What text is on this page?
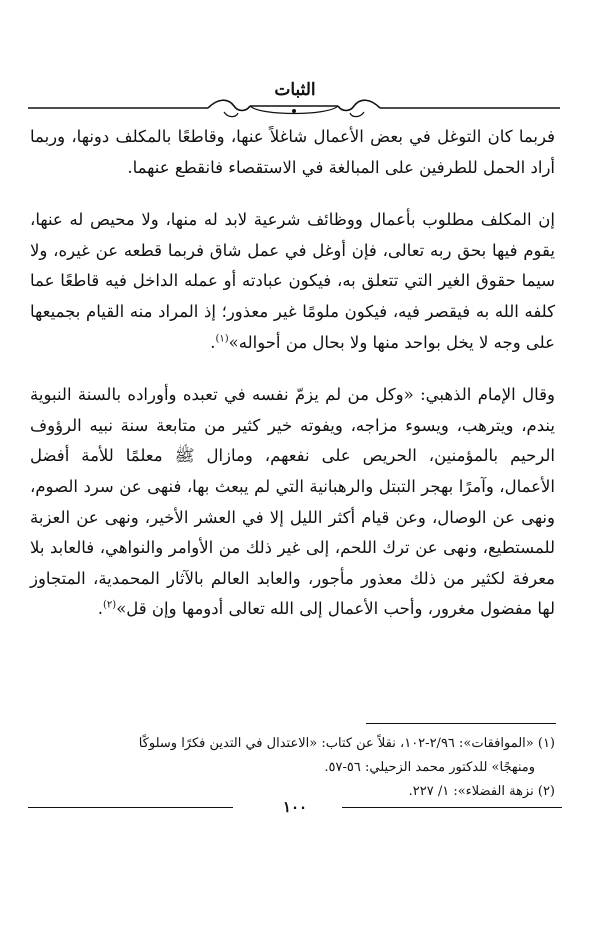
الثبات

فربما كان التوغل في بعض الأعمال شاغلاً عنها، وقاطعًا بالمكلف دونها، وربما أراد الحمل للطرفين على المبالغة في الاستقصاء فانقطع عنهما.

إن المكلف مطلوب بأعمال ووظائف شرعية لابد له منها، ولا محيص له عنها، يقوم فيها بحق ربه تعالى، فإن أوغل في عمل شاق فربما قطعه عن غيره، ولا سيما حقوق الغير التي تتعلق به، فيكون عبادته أو عمله الداخل فيه قاطعًا عما كلفه الله به فيقصر فيه، فيكون ملومًا غير معذور؛ إذ المراد منه القيام بجميعها على وجه لا يخل بواحد منها ولا بحال من أحواله»$^{(١)}$.

وقال الإمام الذهبي: «وكل من لم يزمّ نفسه في تعبده وأوراده بالسنة النبوية يندم، ويترهب، ويسوء مزاجه، ويفوته خير كثير من متابعة سنة نبيه الرؤوف الرحيم بالمؤمنين، الحريص على نفعهم، ومازال ﷺ معلمًا للأمة أفضل الأعمال، وآمرًا بهجر التبتل والرهبانية التي لم يبعث بها، فنهى عن سرد الصوم، ونهى عن الوصال، وعن قيام أكثر الليل إلا في العشر الأخير، ونهى عن العزبة للمستطيع، ونهى عن ترك اللحم، إلى غير ذلك من الأوامر والنواهي، فالعابد بلا معرفة لكثير من ذلك معذور مأجور، والعابد العالم بالآثار المحمدية، المتجاوز لها مفضول مغرور، وأحب الأعمال إلى الله تعالى أدومها وإن قل»$^{(٢)}$.

(١) «الموافقات»: ٢/٩٦-١٠٢، نقلاً عن كتاب: «الاعتدال في التدين فكرًا وسلوكًا

ومنهجًا» للدكتور محمد الزحيلي: ٥٦-٥٧.

(٢) نزهة الفضلاء»: ١/ ٢٢٧.

١٠٠
